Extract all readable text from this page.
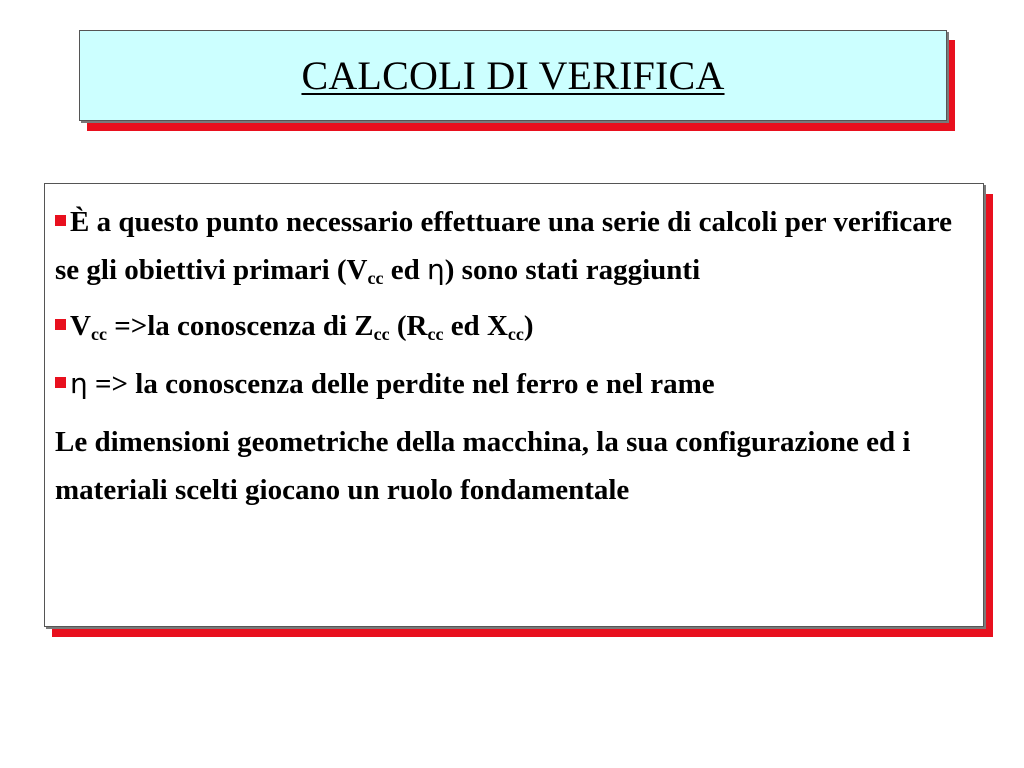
CALCOLI DI VERIFICA

È a questo punto necessario effettuare una serie di calcoli per verificare se gli obiettivi primari ($V_{cc}$ ed η) sono stati raggiunti

$V_{cc} =>la$ conoscenza di $Z_{cc}$ ($R_{cc}$ ed $X_{cc}$)

η => la conoscenza delle perdite nel ferro e nel rame

Le dimensioni geometriche della macchina, la sua configurazione ed i materiali scelti giocano un ruolo fondamentale
